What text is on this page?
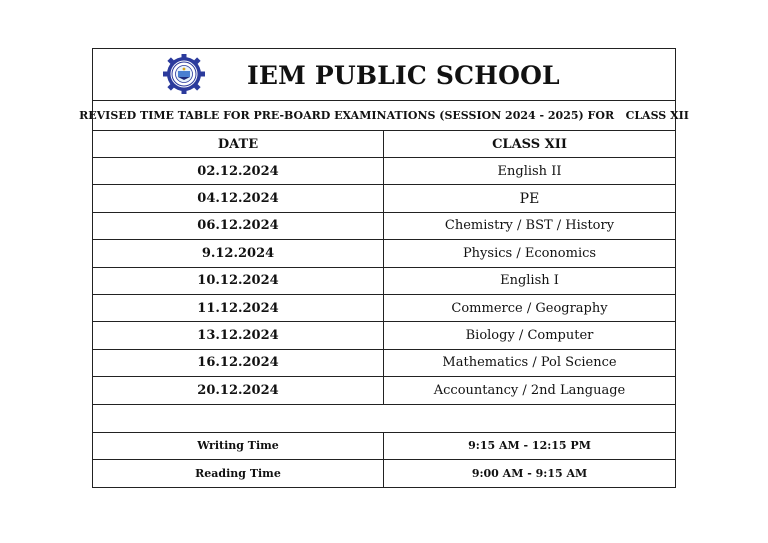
IEM PUBLIC SCHOOL
REVISED TIME TABLE FOR PRE-BOARD EXAMINATIONS (SESSION 2024 - 2025) FOR   CLASS XII
DATE	CLASS XII
02.12.2024	English II
04.12.2024	PE
06.12.2024	Chemistry / BST / History
9.12.2024	Physics / Economics
10.12.2024	English I
11.12.2024	Commerce / Geography
13.12.2024	Biology / Computer
16.12.2024	Mathematics / Pol Science
20.12.2024	Accountancy / 2nd Language
Writing Time	9:15 AM - 12:15 PM
Reading Time	9:00 AM - 9:15 AM
